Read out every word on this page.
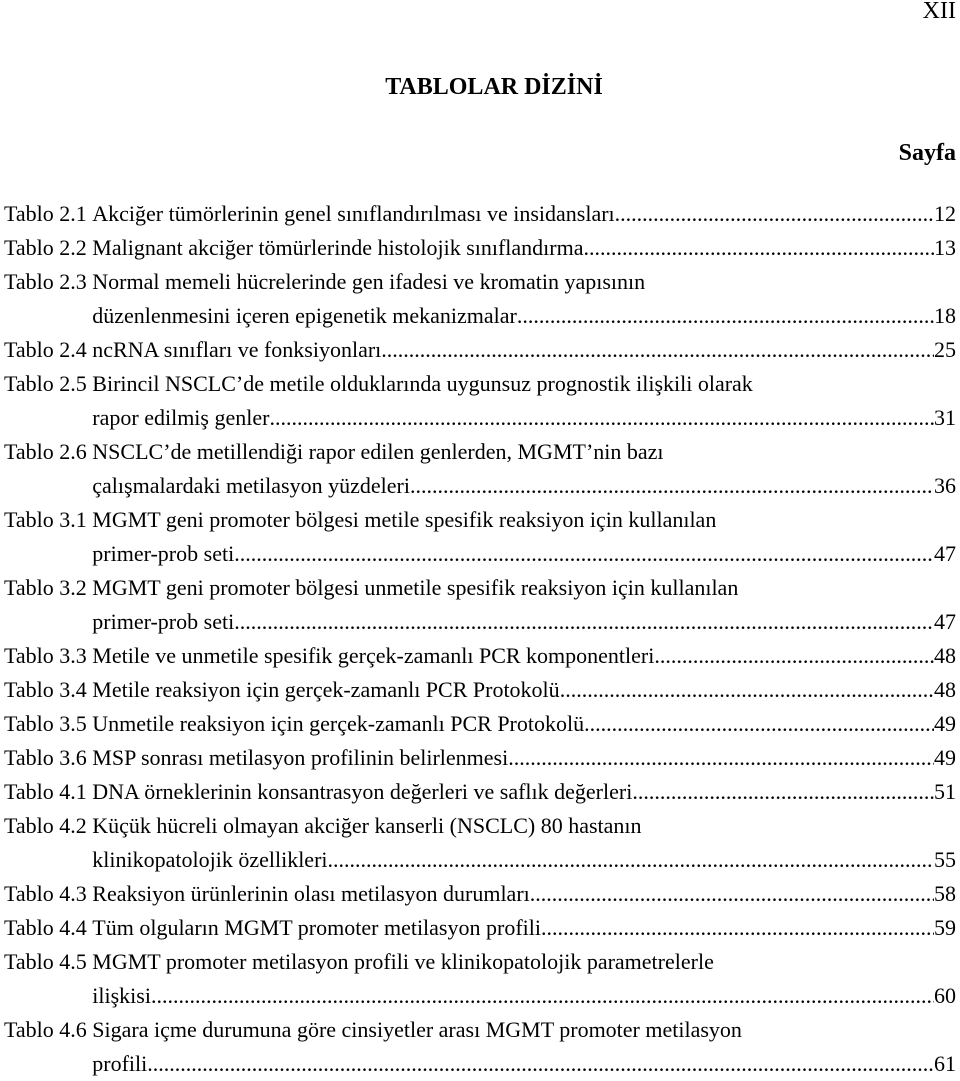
XII
TABLOLAR DİZİNİ
Sayfa
Tablo 2.1
Akciğer tümörlerinin genel sınıflandırılması ve insidansları .....	12
Tablo 2.2
Malignant akciğer tömürlerinde histolojik sınıflandırma .....	13
Tablo 2.3
Normal memeli hücrelerinde gen ifadesi ve kromatin yapısının
düzenlenmesini içeren epigenetik mekanizmalar .....	18
Tablo 2.4
ncRNA sınıfları ve fonksiyonları .....	25
Tablo 2.5
Birincil NSCLC’de metile olduklarında uygunsuz prognostik ilişkili olarak
rapor edilmiş genler .....	31
Tablo 2.6
NSCLC’de metillendiği rapor edilen genlerden, MGMT’nin bazı
çalışmalardaki metilasyon yüzdeleri .....	36
Tablo 3.1
MGMT geni promoter bölgesi metile spesifik reaksiyon için kullanılan
primer-prob seti .....	47
Tablo 3.2
MGMT geni promoter bölgesi unmetile spesifik reaksiyon için kullanılan
primer-prob seti .....	47
Tablo 3.3
Metile ve unmetile spesifik gerçek-zamanlı PCR komponentleri .....	48
Tablo 3.4
Metile reaksiyon için gerçek-zamanlı PCR Protokolü .....	48
Tablo 3.5
Unmetile reaksiyon için gerçek-zamanlı PCR Protokolü .....	49
Tablo 3.6
MSP sonrası metilasyon profilinin belirlenmesi .....	49
Tablo 4.1
DNA örneklerinin konsantrasyon değerleri ve saflık değerleri .....	51
Tablo 4.2
Küçük hücreli olmayan akciğer kanserli (NSCLC) 80 hastanın
klinikopatolojik özellikleri .....	55
Tablo 4.3
Reaksiyon ürünlerinin olası metilasyon durumları .....	58
Tablo 4.4
Tüm olguların MGMT promoter metilasyon profili .....	59
Tablo 4.5
MGMT promoter metilasyon profili ve klinikopatolojik parametrelerle
ilişkisi .....	60
Tablo 4.6
Sigara içme durumuna göre cinsiyetler arası MGMT promoter metilasyon
profili .....	61
